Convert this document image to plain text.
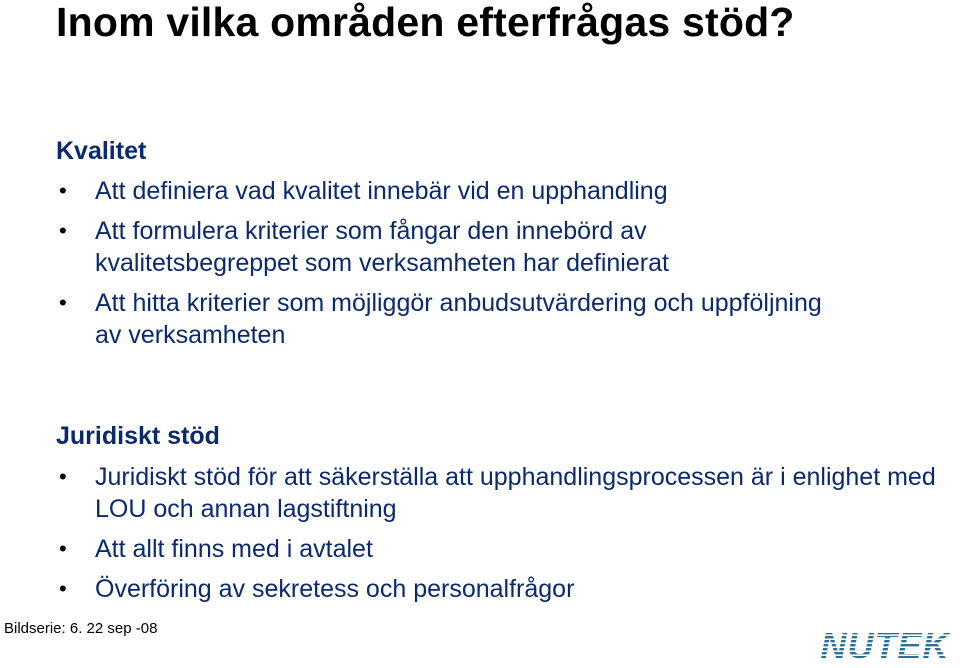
Inom vilka områden efterfrågas stöd?
Kvalitet
• Att definiera vad kvalitet innebär vid en upphandling
• Att formulera kriterier som fångar den innebörd av kvalitetsbegreppet som verksamheten har definierat
• Att hitta kriterier som möjliggör anbudsutvärdering och uppföljning av verksamheten
Juridiskt stöd
• Juridiskt stöd för att säkerställa att upphandlingsprocessen är i enlighet med LOU och annan lagstiftning
• Att allt finns med i avtalet
• Överföring av sekretess och personalfrågor
Bildserie: 6. 22 sep -08	NUTEK
